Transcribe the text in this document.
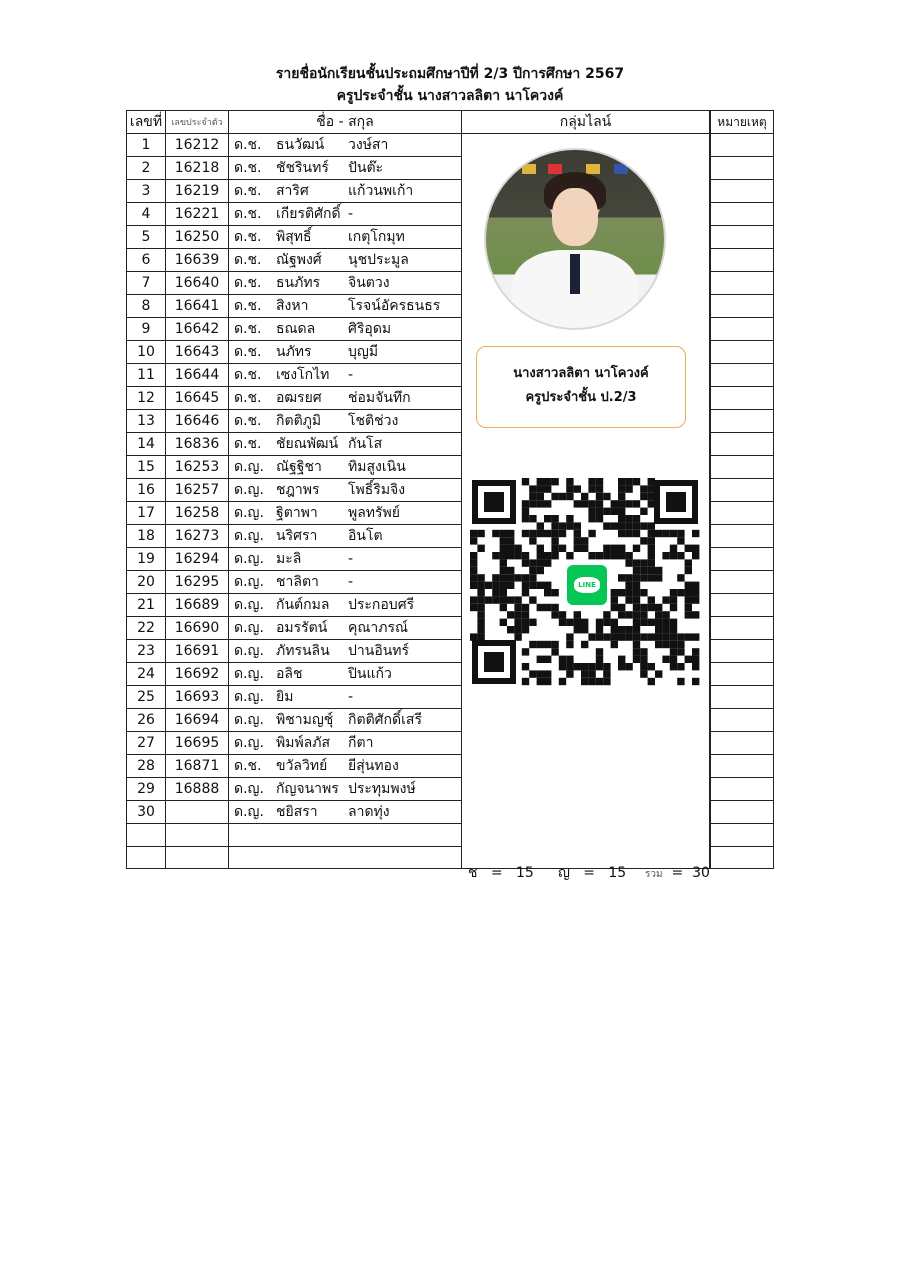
รายชื่อนักเรียนชั้นประถมศึกษาปีที่ 2/3 ปีการศึกษา 2567
ครูประจำชั้น นางสาวลลิตา นาโควงค์
เลขที่	เลขประจำตัว	ชื่อ - สกุล	กลุ่มไลน์		หมายเหตุ
1	16212	ด.ช. ธนวัฒน์ วงษ์สา			
2	16218	ด.ช. ชัชรินทร์ ปันต๊ะ		
3	16219	ด.ช. สาริศ แก้วนพเก้า		
4	16221	ด.ช. เกียรติศักดิ์ -		
5	16250	ด.ช. พิสุทธิ์ เกตุโกมุท		
6	16639	ด.ช. ณัฐพงศ์ นุชประมูล		
7	16640	ด.ช. ธนภัทร จินตวง		
8	16641	ด.ช. สิงหา โรจน์อัครธนธร		
9	16642	ด.ช. ธณดล ศิริอุดม		
10	16643	ด.ช. นภัทร บุญมี		
11	16644	ด.ช. เซงโกไท -		
12	16645	ด.ช. อฒรยศ ช่อมจันทึก		
13	16646	ด.ช. กิตติภูมิ โชติช่วง		
14	16836	ด.ช. ชัยณพัฒน์ กันโส		
15	16253	ด.ญ. ณัฐฐิชา ทิมสูงเนิน		
16	16257	ด.ญ. ชฎาพร โพธิ์ริมจิง		
17	16258	ด.ญ. ฐิตาพา พูลทรัพย์		
18	16273	ด.ญ. นริศรา อินโต		
19	16294	ด.ญ. มะลิ -		
20	16295	ด.ญ. ชาลิตา -		
21	16689	ด.ญ. กันต์กมล ประกอบศรี		
22	16690	ด.ญ. อมรรัตน์ คุณาภรณ์		
23	16691	ด.ญ. ภัทรนลิน ปานอินทร์		
24	16692	ด.ญ. อลิช ปินแก้ว		
25	16693	ด.ญ. ยิม -		
26	16694	ด.ญ. พิชามญชุ์ กิตติศักดิ์เสรี		
27	16695	ด.ญ. พิมพ์ลภัส กีตา		
28	16871	ด.ช. ขวัลวิทย์ ยีสุ่นทอง		
29	16888	ด.ญ. กัญจนาพร ประทุมพงษ์		
30		ด.ญ. ชยิสรา ลาดทุ่ง		

นางสาวลลิตา นาโควงค์
ครูประจำชั้น ป.2/3
LINE
ช = 15 ญ = 15 รวม = 30
